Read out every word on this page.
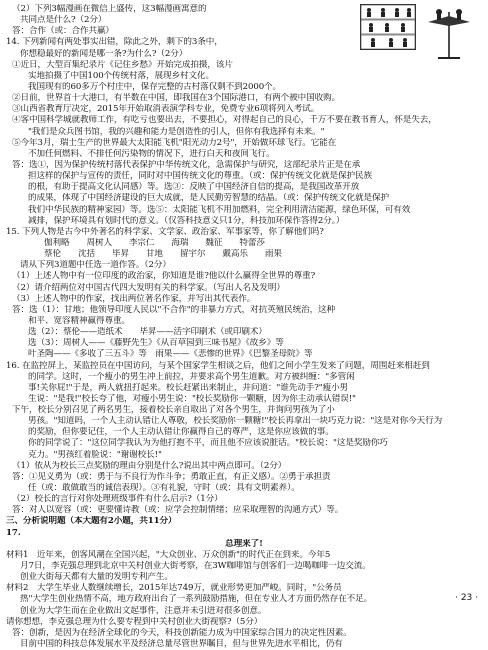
（2）下列3幅漫画在微信上盛传，这3幅漫画寓意的
共同点是什么?（2分）
答：合作（或：合作共赢）
14. 下列新闻有两处事实出错，除此之外，剩下的3条中，
你想稳最好的新闻是哪一条?为什么?（2分）
①近日，大型百集纪录片《记住乡愁》开始完成拍摄，该片
实地拍摄了中国100个传统村落，展现乡村文化。
我国现有的60多万个村庄中，保存完整的古村落仅剩不到2000个。
②日前，世界首十大港口，有半数在中国，即我国在3个国际港口，有两个被中国收购。
③山西省教育厅决定，2015年开始取消表演学科专业，免费专业6项将列入考试。
④客中国科学城就教师工作，有吃亏也要出去，不要担心，对得起自己的良心，千万不要在教书育人，怀是失去，
"我们是众兵图书馆，我的兴趣和能力是创造性的引人，但你有我选择有未来。"
⑤今年3月，瑞士生产的世界最大太阳能飞机"阳光动力2号"，开始做环球飞行。它能在
不加任何燃料、不排任何污染物的情况下，进行白天和夜间飞行。
答：选①，因为保护传统村落代表保护中华传统文化，急需保护与研究，这部纪录片正是在承
担这样的保护与宣传的责任，同时对中国传统文化的尊重。（或：保护传统文化就是保护民族
的根，有助于提高文化认同感）等。选③：反映了中国经济自信的提高，是我国改革开放
的成果，体现了中国经济建设的巨大成就，是人民勤劳智慧的结晶。（或：保护传统文化就是保护
我们中华民族的精神家园）等。选⑤：太阳能飞机不用加燃料，完全利用清洁能源，绿色环保，可有效
减排，保护环境具有划时代的意义。（仅答科技意义只1分，科技加环保作答得2分。）
15. 下列人物是古今中外著名的科学家、文学家、政治家、军事家等，你了解他们吗?
伽利略　　周树人　　李宗仁　　海瑞　　魏征　　特蕾莎
蔡伦　　沈括　　毕昇　　甘地　　留宇尔　　戴高乐　　雨果
请从下列3道题中任选一道作答。（2分）
（1）上述人物中有一位印度的政治家，你知道是谁?他以什么赢得全世界的尊重?
（2）请介绍两位对中国古代四大发明有关的科学家。（写出人名及发明）
（3）上述人物中的作家，找出两位著名作家，并写出其代表作。
答：选（1）：甘地；他领导印度人民以"不合作"的非暴力方式，对抗英殖民统治，这种
和平、宽容精神赢得尊重。
选（2）：蔡伦——造纸术　　毕昇——活字印刷术（或印刷术）
选（3）：周树人——《藤野先生》《从百草园到三味书屋》《故乡》等
叶圣陶——《多收了三五斗》等　雨果——《悲惨的世界》《巴黎圣母院》等
16. 在监控屏上，某监控员在中国访问，与某个国家学生相谈之后，他们之间小学生发来了问题，周围赶来相赶到
的同学。这时，一个瘦小的男生冲上前拉，并要求高个男生道歉。对方被纠缠："多管闲
事!关你屁!"于是，两人就扭打起来。校长赶紧出来制止，并问道："谁先动手?"瘦小男
生说："是我!"校长夸了他，对瘦小男生说："校长奖励你一颗糖，因为你主动承认错误!"
下午，校长分别召见了两名男生，接着校长亲自取出了对各个男生，并询问男孩为了小
男孩。"知道吗，一个人主动认错让人尊敬，校长奖励你一颗糖!"校长再拿出一块巧克力说："这是对你今天行为
的奖励，但你要记住，一个人主动认错让你赢得自己的尊严，这是你应该做的事。
你的同学说了："这位同学我认为为他打抱不平，而且他不应该说脏话。"校长说："这是奖励你巧
克力。"男孩红着脸说："谢谢校长!"
（1）依从为校长三点奖励的理由分别是什么?说出其中两点即可。（2分）
答：①见义勇为（或：勇于与不良行为作斗争；勇敢正直，有正义感）。②勇于承担责
任（或：敢做敢当的诚信表现）。③有礼貌，守时（或：具有文明素养）。
（2）校长的言行对你处理班级事件有什么启示?（1分）
答：对人以宽容（或：更要懂诗教（或：应学会控制情绪；应采取理智的沟通方式）等。
三、分析说明题（本大题有2小题，共11分）
17.
总理来了!
材料1　近年来，创客风潮在全国兴起，"大众创业、万众创新"的时代正在到来。今年5
月7日，李克强总理到北京中关村创业大街考察，在3W咖啡馆与创客们一边喝咖啡一边交流。
创业大街每天都有大量的发明专利产生。
材料2　大学生毕业人数继续增长，2015年达749万，就业形势更加严峻。同时，"公务员
热"大学生创业热情不高，地方政府出台了一系列鼓励措施，但在专业人才方面仍然存在不足。
创业为大学生而在企业做出文起事件，注意并未引进对很多创意。
请你想想，李克强总理为什么要专程到中关村创业大街视察?（5分）
答：创新，是因为在经济全球化的今天，科技创新能力成为中国家综合国力的决定性因素。
目前中国的科技总体发展水平及经济总量尽管世界瞩目，但与世界先进水平相比，仍有
· 23 ·
